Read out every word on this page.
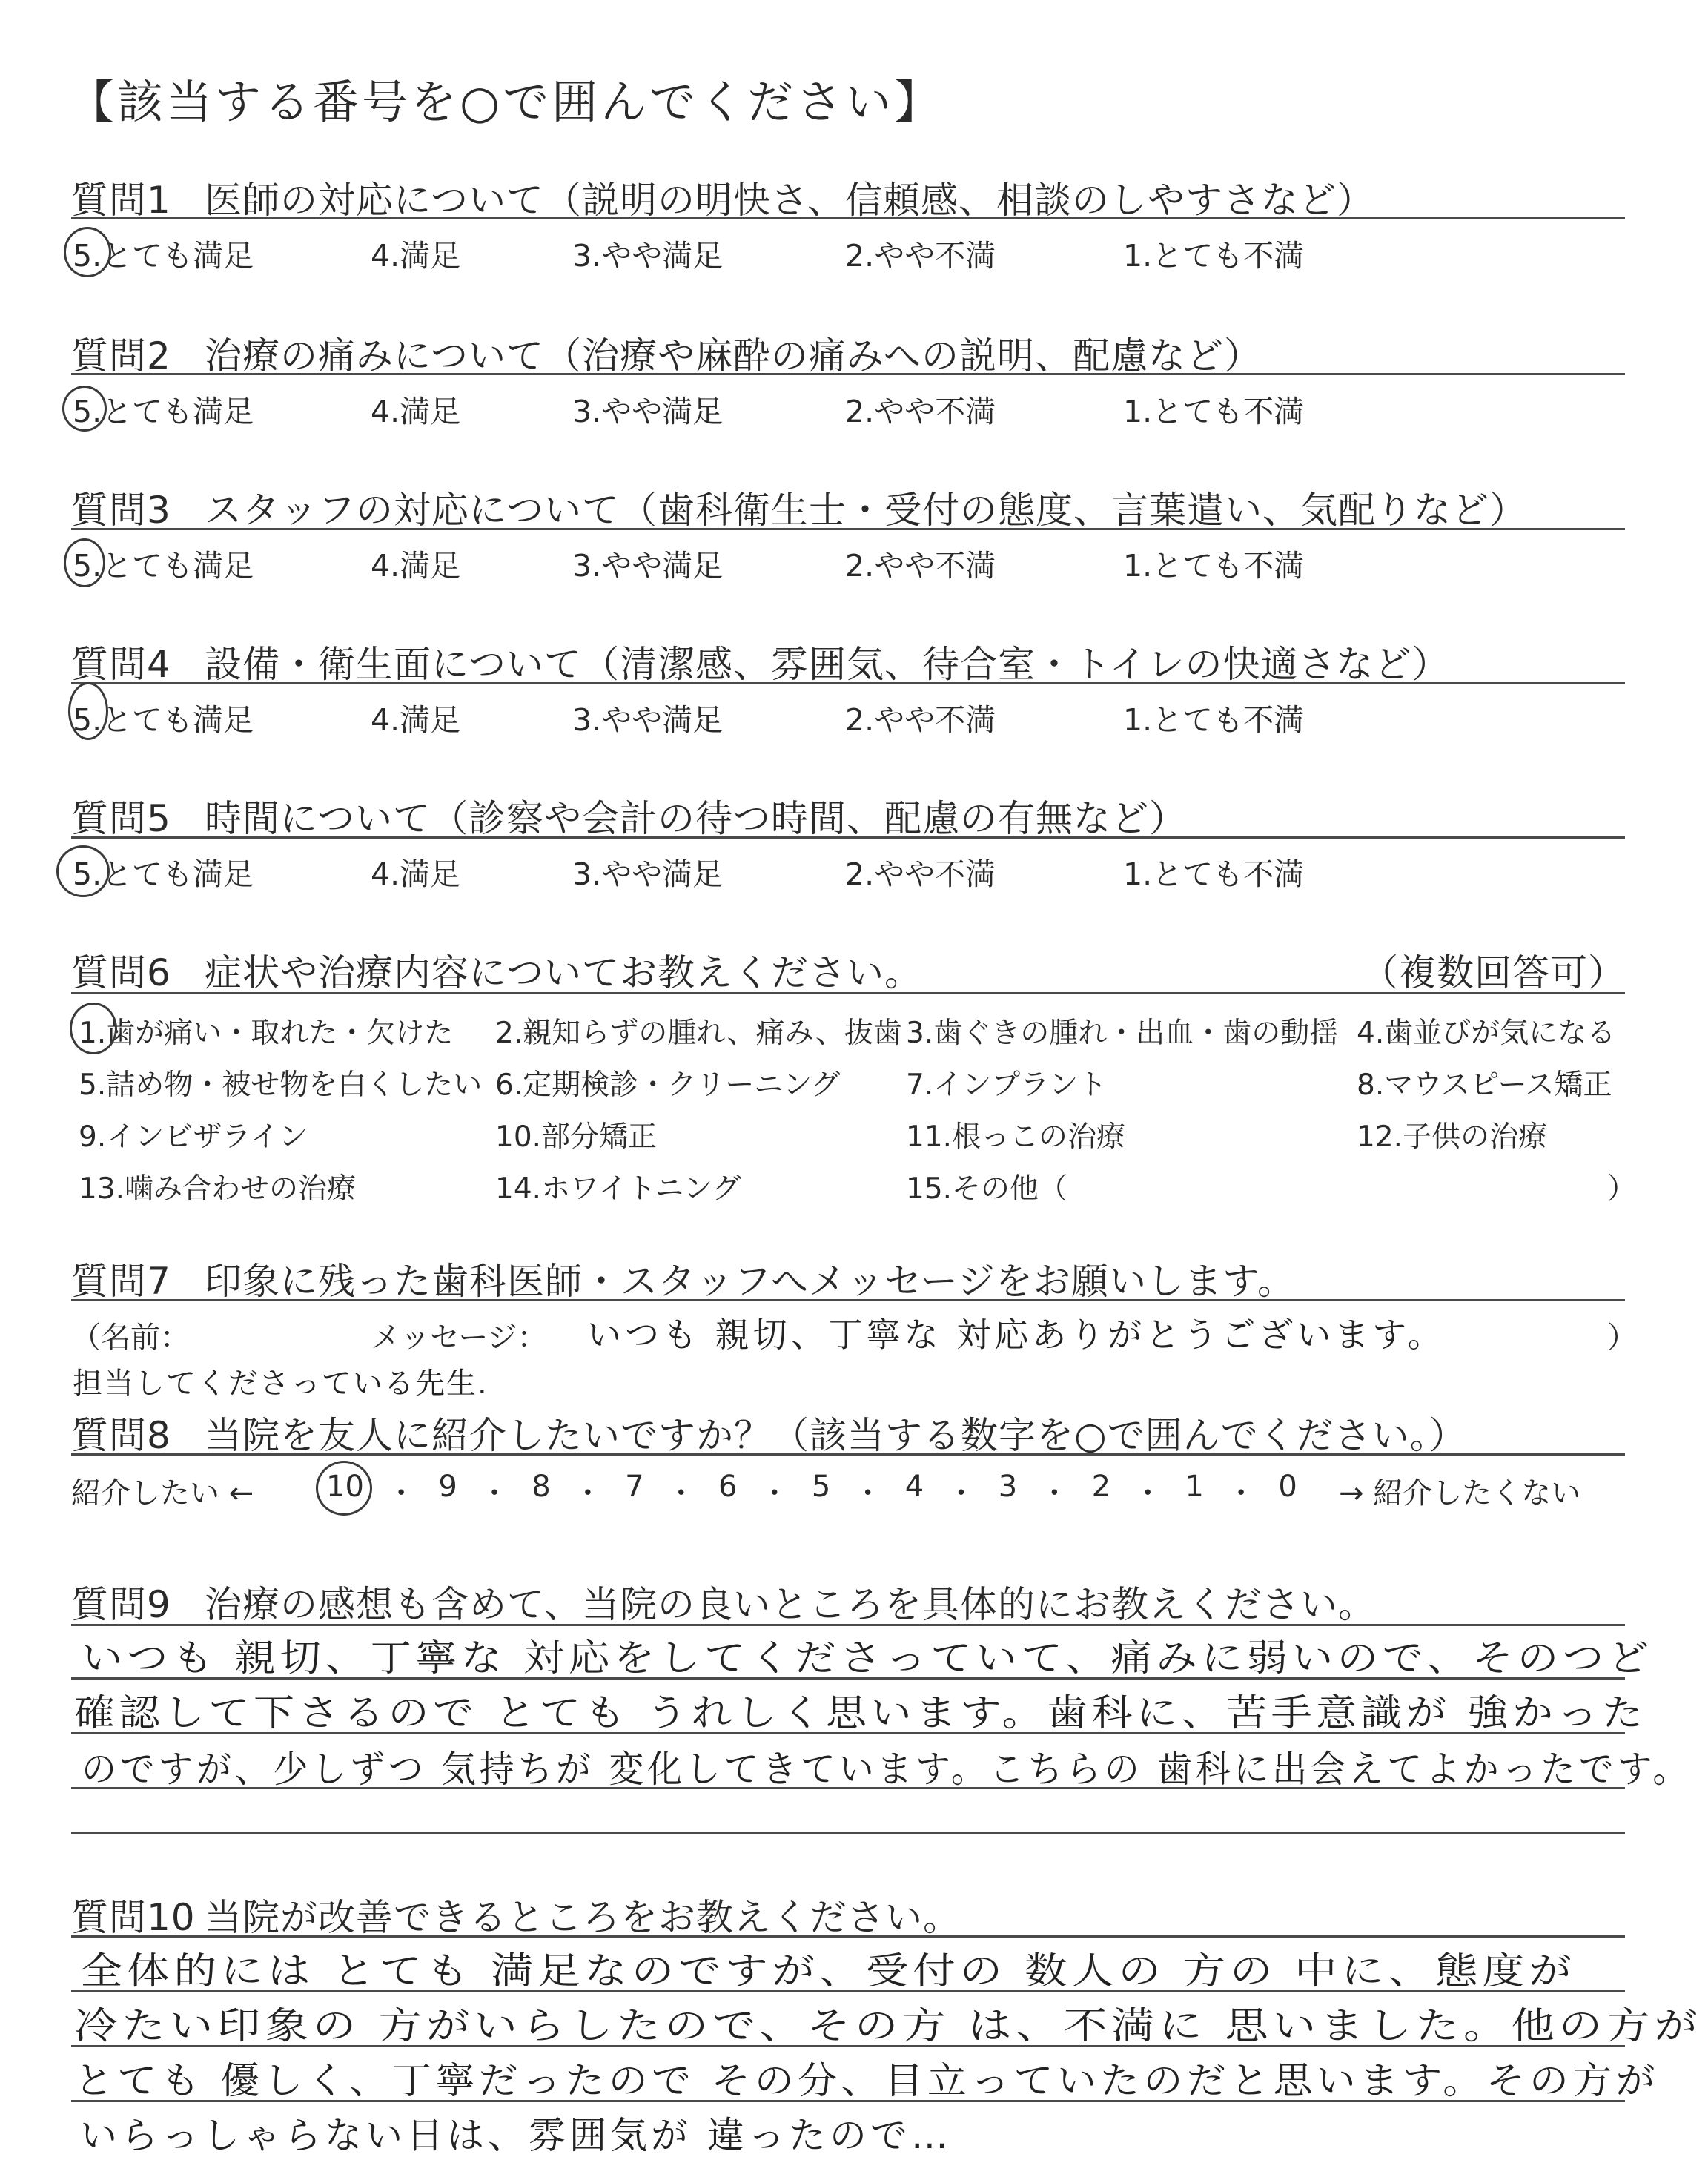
【該当する番号を○で囲んでください】
質問1 医師の対応について（説明の明快さ、信頼感、相談のしやすさなど）
5.とても満足	4.満足	3.やや満足	2.やや不満	1.とても不満
質問2 治療の痛みについて（治療や麻酔の痛みへの説明、配慮など）
5.とても満足	4.満足	3.やや満足	2.やや不満	1.とても不満
質問3 スタッフの対応について（歯科衛生士・受付の態度、言葉遣い、気配りなど）
5.とても満足	4.満足	3.やや満足	2.やや不満	1.とても不満
質問4 設備・衛生面について（清潔感、雰囲気、待合室・トイレの快適さなど）
5.とても満足	4.満足	3.やや満足	2.やや不満	1.とても不満
質問5 時間について（診察や会計の待つ時間、配慮の有無など）
5.とても満足	4.満足	3.やや満足	2.やや不満	1.とても不満
質問6 症状や治療内容についてお教えください。	（複数回答可）
1.歯が痛い・取れた・欠けた 2.親知らずの腫れ、痛み、抜歯 3.歯ぐきの腫れ・出血・歯の動揺 4.歯並びが気になる
5.詰め物・被せ物を白くしたい 6.定期検診・クリーニング 7.インプラント	8.マウスピース矯正
9.インビザライン	10.部分矯正	11.根っこの治療	12.子供の治療
13.噛み合わせの治療	14.ホワイトニング	15.その他（	）
質問7 印象に残った歯科医師・スタッフへメッセージをお願いします。
（名前：	メッセージ： いつも 親切、丁寧な 対応ありがとうございます。	）
担当してくださっている先生.
質問8 当院を友人に紹介したいですか？（該当する数字を○で囲んでください。）
紹介したい ← 10 ・ 9 ・ 8 ・ 7 ・ 6 ・ 5 ・ 4 ・ 3 ・ 2 ・ 1 ・ 0 → 紹介したくない
質問9 治療の感想も含めて、当院の良いところを具体的にお教えください。
いつも 親切、丁寧な 対応をしてくださっていて、痛みに弱いので、そのつど
確認して下さるので とても うれしく思います。歯科に、苦手意識が 強かった
のですが、少しずつ 気持ちが 変化してきています。こちらの 歯科に出会えてよかったです。
質問10 当院が改善できるところをお教えください。
全体的には とても 満足なのですが、受付の 数人の 方の 中に、態度が
冷たい印象の 方がいらしたので、その方 は、不満に 思いました。他の方が
とても 優しく、丁寧だったので その分、目立っていたのだと思います。その方が
いらっしゃらない日は、雰囲気が 違ったので…
